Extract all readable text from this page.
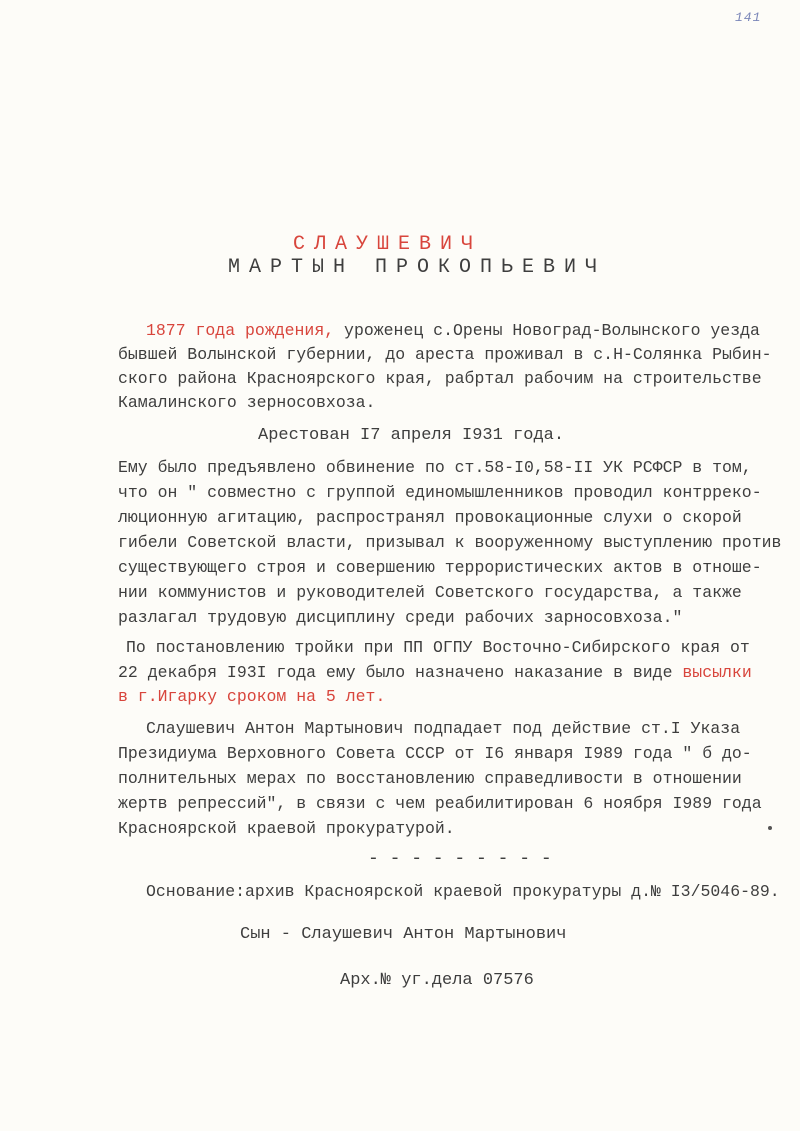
141
СЛАУШЕВИЧ
МАРТЫН ПРОКОПЬЕВИЧ
1877 года рождения, уроженец с.Орены Новоград-Волынского уезда
бывшей Волынской губернии, до ареста проживал в с.Н-Солянка Рыбин-
ского района Красноярского края, рабртал рабочим на строительстве
Камалинского зерносовхоза.
Арестован I7 апреля I931 года.
Ему было предъявлено обвинение по ст.58-I0,58-II УК РСФСР в том,
что он " совместно с группой единомышленников проводил контрреко-
люционную агитацию, распространял провокационные слухи о скорой
гибели Советской власти, призывал к вооруженному выступлению против
существующего строя и совершению террористических актов в отноше-
нии коммунистов и руководителей Советского государства, а также
разлагал трудовую дисциплину среди рабочих зарносовхоза."
По постановлению тройки при ПП ОГПУ Восточно-Сибирского края от
22 декабря I93I года ему было назначено наказание в виде высылки
в г.Игарку сроком на 5 лет.
Слаушевич Антон Мартынович подпадает под действие ст.I Указа
Президиума Верховного Совета СССР от I6 января I989 года " б до-
полнительных мерах по восстановлению справедливости в отношении
жертв репрессий", в связи с чем реабилитирован 6 ноября I989 года
Красноярской краевой прокуратурой.
- - - - - - - - -
Основание:архив Красноярской краевой прокуратуры д.№ I3/5046-89.
Сын - Слаушевич Антон Мартынович
Арх.№ уг.дела 07576
